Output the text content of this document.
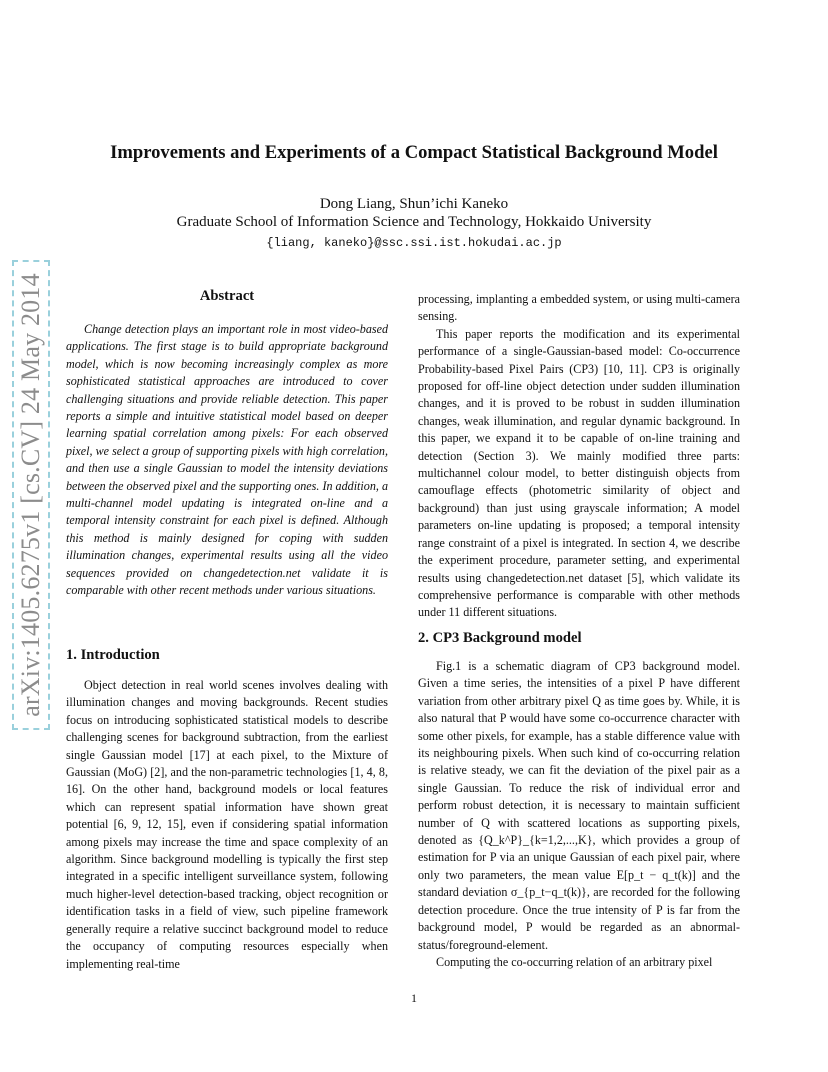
arXiv:1405.6275v1 [cs.CV] 24 May 2014
Improvements and Experiments of a Compact Statistical Background Model
Dong Liang, Shun’ichi Kaneko
Graduate School of Information Science and Technology, Hokkaido University
{liang, kaneko}@ssc.ssi.ist.hokudai.ac.jp
Abstract
Change detection plays an important role in most video-based applications. The first stage is to build appropriate background model, which is now becoming increasingly complex as more sophisticated statistical approaches are introduced to cover challenging situations and provide reliable detection. This paper reports a simple and intuitive statistical model based on deeper learning spatial correlation among pixels: For each observed pixel, we select a group of supporting pixels with high correlation, and then use a single Gaussian to model the intensity deviations between the observed pixel and the supporting ones. In addition, a multi-channel model updating is integrated on-line and a temporal intensity constraint for each pixel is defined. Although this method is mainly designed for coping with sudden illumination changes, experimental results using all the video sequences provided on changedetection.net validate it is comparable with other recent methods under various situations.
1. Introduction
Object detection in real world scenes involves dealing with illumination changes and moving backgrounds. Recent studies focus on introducing sophisticated statistical models to describe challenging scenes for background subtraction, from the earliest single Gaussian model [17] at each pixel, to the Mixture of Gaussian (MoG) [2], and the non-parametric technologies [1, 4, 8, 16]. On the other hand, background models or local features which can represent spatial information have shown great potential [6, 9, 12, 15], even if considering spatial information among pixels may increase the time and space complexity of an algorithm. Since background modelling is typically the first step integrated in a specific intelligent surveillance system, following much higher-level detection-based tracking, object recognition or identification tasks in a field of view, such pipeline framework generally require a relative succinct background model to reduce the occupancy of computing resources especially when implementing real-time

processing, implanting a embedded system, or using multi-camera sensing.

This paper reports the modification and its experimental performance of a single-Gaussian-based model: Co-occurrence Probability-based Pixel Pairs (CP3) [10, 11]. CP3 is originally proposed for off-line object detection under sudden illumination changes, and it is proved to be robust in sudden illumination changes, weak illumination, and regular dynamic background. In this paper, we expand it to be capable of on-line training and detection (Section 3). We mainly modified three parts: multichannel colour model, to better distinguish objects from camouflage effects (photometric similarity of object and background) than just using grayscale information; A model parameters on-line updating is proposed; a temporal intensity range constraint of a pixel is integrated. In section 4, we describe the experiment procedure, parameter setting, and experimental results using changedetection.net dataset [5], which validate its comprehensive performance is comparable with other methods under 11 different situations.

2. CP3 Background model

Fig.1 is a schematic diagram of CP3 background model. Given a time series, the intensities of a pixel P have different variation from other arbitrary pixel Q as time goes by. While, it is also natural that P would have some co-occurrence character with some other pixels, for example, has a stable difference value with its neighbouring pixels. When such kind of co-occurring relation is relative steady, we can fit the deviation of the pixel pair as a single Gaussian. To reduce the risk of individual error and perform robust detection, it is necessary to maintain sufficient number of Q with scattered locations as supporting pixels, denoted as {Q_k^P}_{k=1,2,...,K}, which provides a group of estimation for P via an unique Gaussian of each pixel pair, where only two parameters, the mean value E[p_t − q_t(k)] and the standard deviation σ_{p_t−q_t(k)}, are recorded for the following detection procedure. Once the true intensity of P is far from the background model, P would be regarded as an abnormal-status/foreground-element.

Computing the co-occurring relation of an arbitrary pixel

1
